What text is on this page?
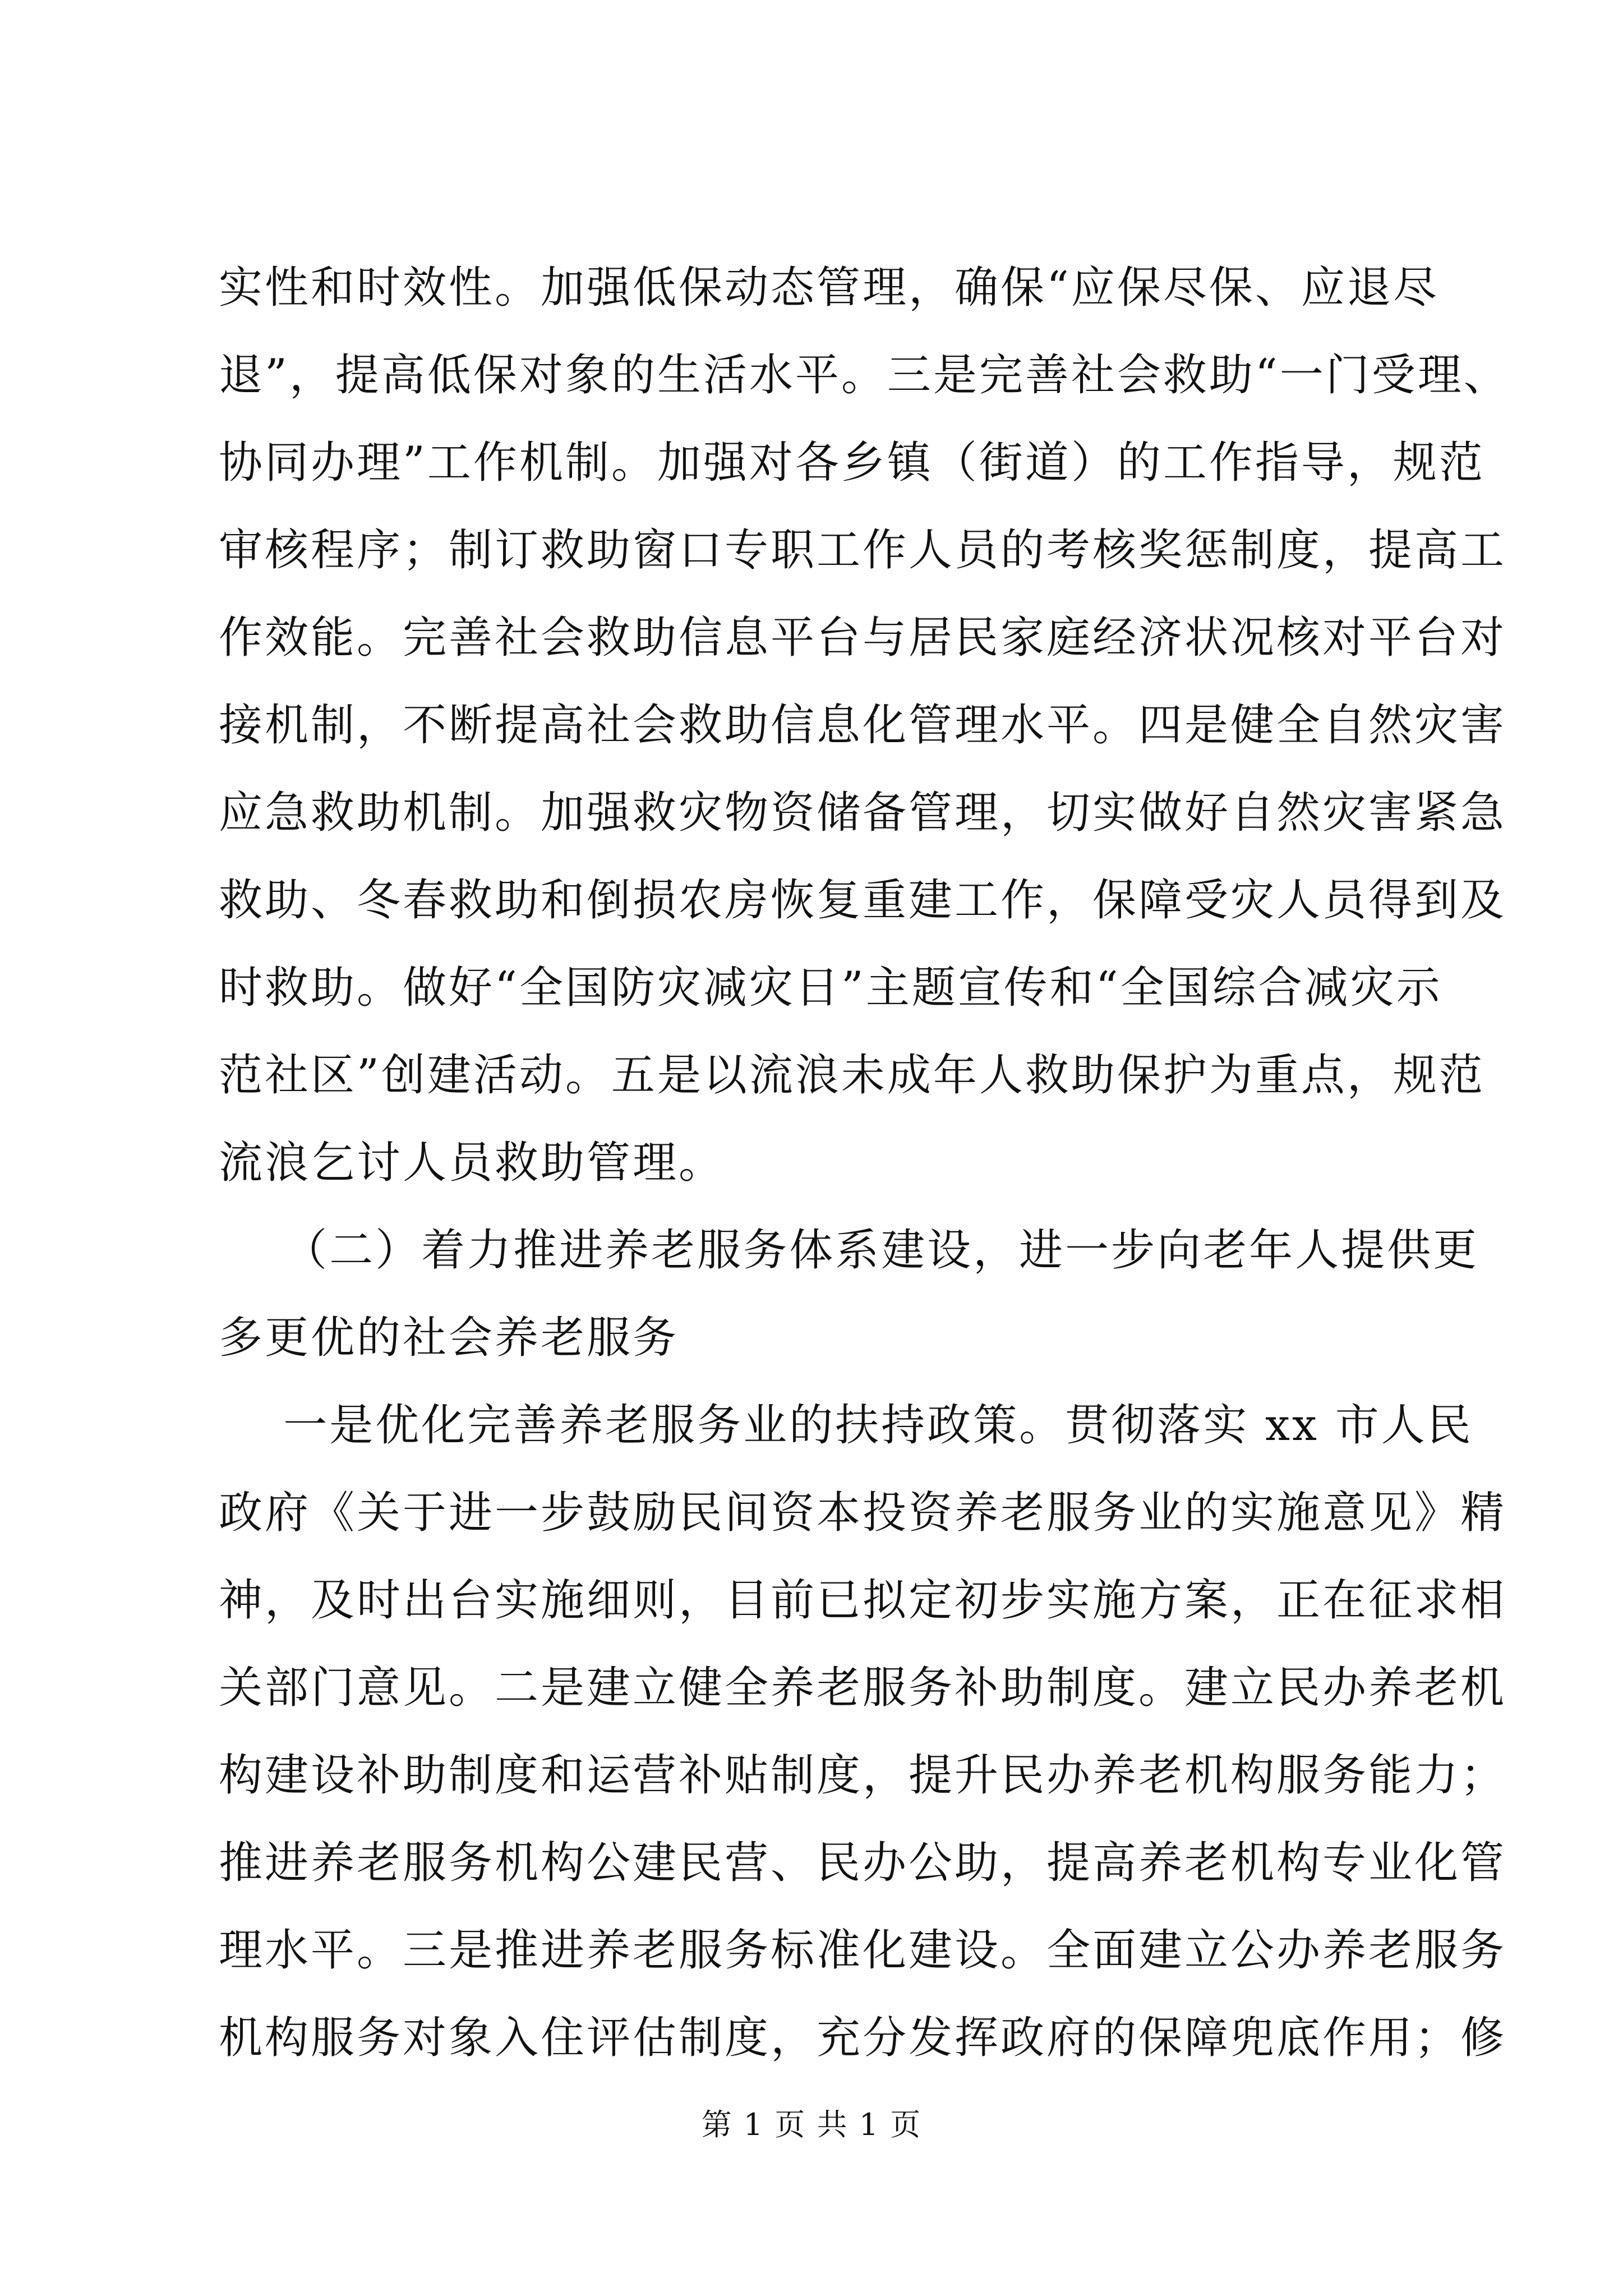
实性和时效性。加强低保动态管理，确保“应保尽保、应退尽
退”，提高低保对象的生活水平。三是完善社会救助“一门受理、
协同办理”工作机制。加强对各乡镇（街道）的工作指导，规范
审核程序；制订救助窗口专职工作人员的考核奖惩制度，提高工
作效能。完善社会救助信息平台与居民家庭经济状况核对平台对
接机制，不断提高社会救助信息化管理水平。四是健全自然灾害
应急救助机制。加强救灾物资储备管理，切实做好自然灾害紧急
救助、冬春救助和倒损农房恢复重建工作，保障受灾人员得到及
时救助。做好“全国防灾减灾日”主题宣传和“全国综合减灾示
范社区”创建活动。五是以流浪未成年人救助保护为重点，规范
流浪乞讨人员救助管理。
（二）着力推进养老服务体系建设，进一步向老年人提供更
多更优的社会养老服务
一是优化完善养老服务业的扶持政策。贯彻落实 xx 市人民
政府《关于进一步鼓励民间资本投资养老服务业的实施意见》精
神，及时出台实施细则，目前已拟定初步实施方案，正在征求相
关部门意见。二是建立健全养老服务补助制度。建立民办养老机
构建设补助制度和运营补贴制度，提升民办养老机构服务能力；
推进养老服务机构公建民营、民办公助，提高养老机构专业化管
理水平。三是推进养老服务标准化建设。全面建立公办养老服务
机构服务对象入住评估制度，充分发挥政府的保障兜底作用；修
第 1 页 共 1 页
